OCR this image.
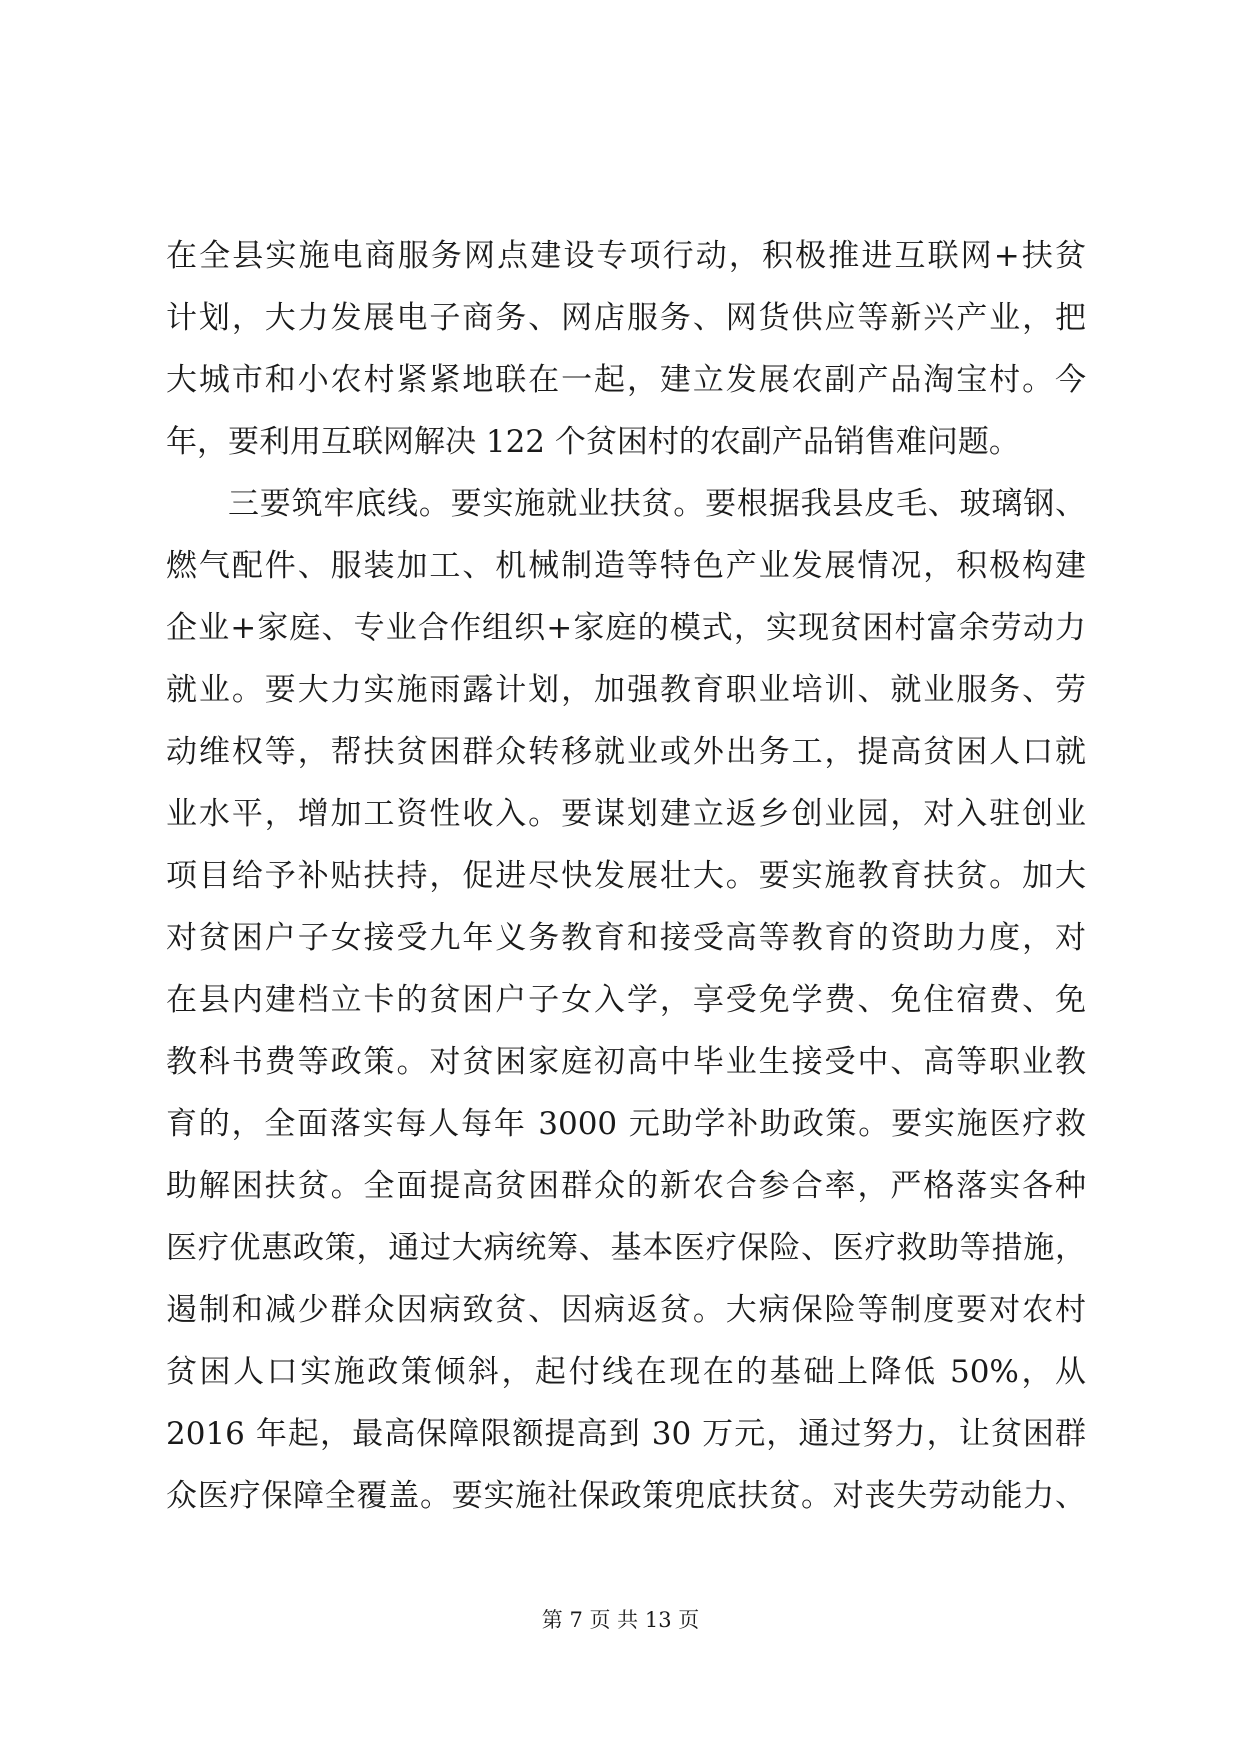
在全县实施电商服务网点建设专项行动，积极推进互联网+扶贫
计划，大力发展电子商务、网店服务、网货供应等新兴产业，把
大城市和小农村紧紧地联在一起，建立发展农副产品淘宝村。今
年，要利用互联网解决 122 个贫困村的农副产品销售难问题。
三要筑牢底线。要实施就业扶贫。要根据我县皮毛、玻璃钢、
燃气配件、服装加工、机械制造等特色产业发展情况，积极构建
企业+家庭、专业合作组织+家庭的模式，实现贫困村富余劳动力
就业。要大力实施雨露计划，加强教育职业培训、就业服务、劳
动维权等，帮扶贫困群众转移就业或外出务工，提高贫困人口就
业水平，增加工资性收入。要谋划建立返乡创业园，对入驻创业
项目给予补贴扶持，促进尽快发展壮大。要实施教育扶贫。加大
对贫困户子女接受九年义务教育和接受高等教育的资助力度，对
在县内建档立卡的贫困户子女入学，享受免学费、免住宿费、免
教科书费等政策。对贫困家庭初高中毕业生接受中、高等职业教
育的，全面落实每人每年 3000 元助学补助政策。要实施医疗救
助解困扶贫。全面提高贫困群众的新农合参合率，严格落实各种
医疗优惠政策，通过大病统筹、基本医疗保险、医疗救助等措施，
遏制和减少群众因病致贫、因病返贫。大病保险等制度要对农村
贫困人口实施政策倾斜，起付线在现在的基础上降低 50%，从
2016 年起，最高保障限额提高到 30 万元，通过努力，让贫困群
众医疗保障全覆盖。要实施社保政策兜底扶贫。对丧失劳动能力、
第 7 页 共 13 页
